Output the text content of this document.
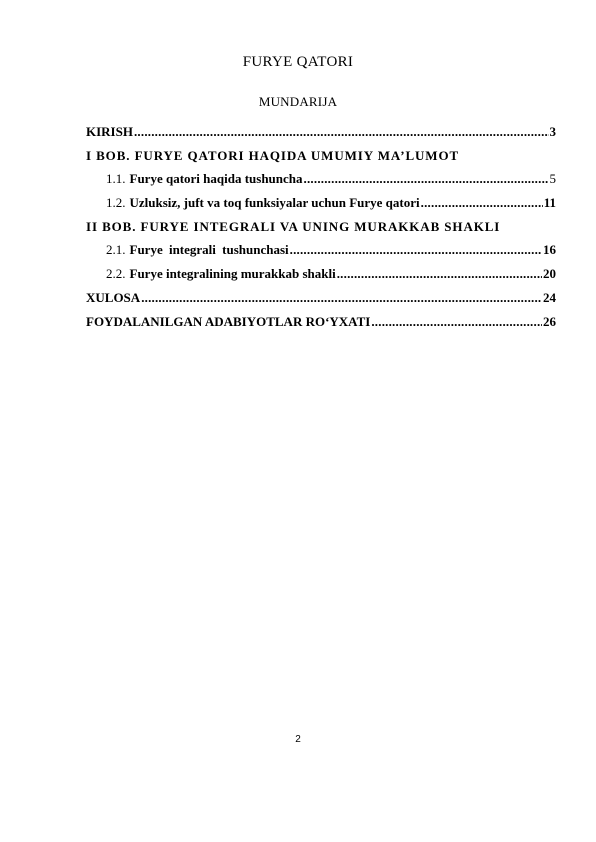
FURYE QATORI
MUNDARIJA
KIRISH .....	3
I BOB. FURYE QATORI HAQIDA UMUMIY MA’LUMOT
1.1. Furye qatori haqida tushuncha .....	5
1.2. Uzluksiz, juft va toq funksiyalar uchun Furye qatori .....	11
II BOB. FURYE INTEGRALI VA UNING MURAKKAB SHAKLI
2.1. Furye integrali tushunchasi .....	16
2.2. Furye integralining murakkab shakli .....	20
XULOSA .....	24
FOYDALANILGAN ADABIYOTLAR RO‘YXATI .....	26
2
